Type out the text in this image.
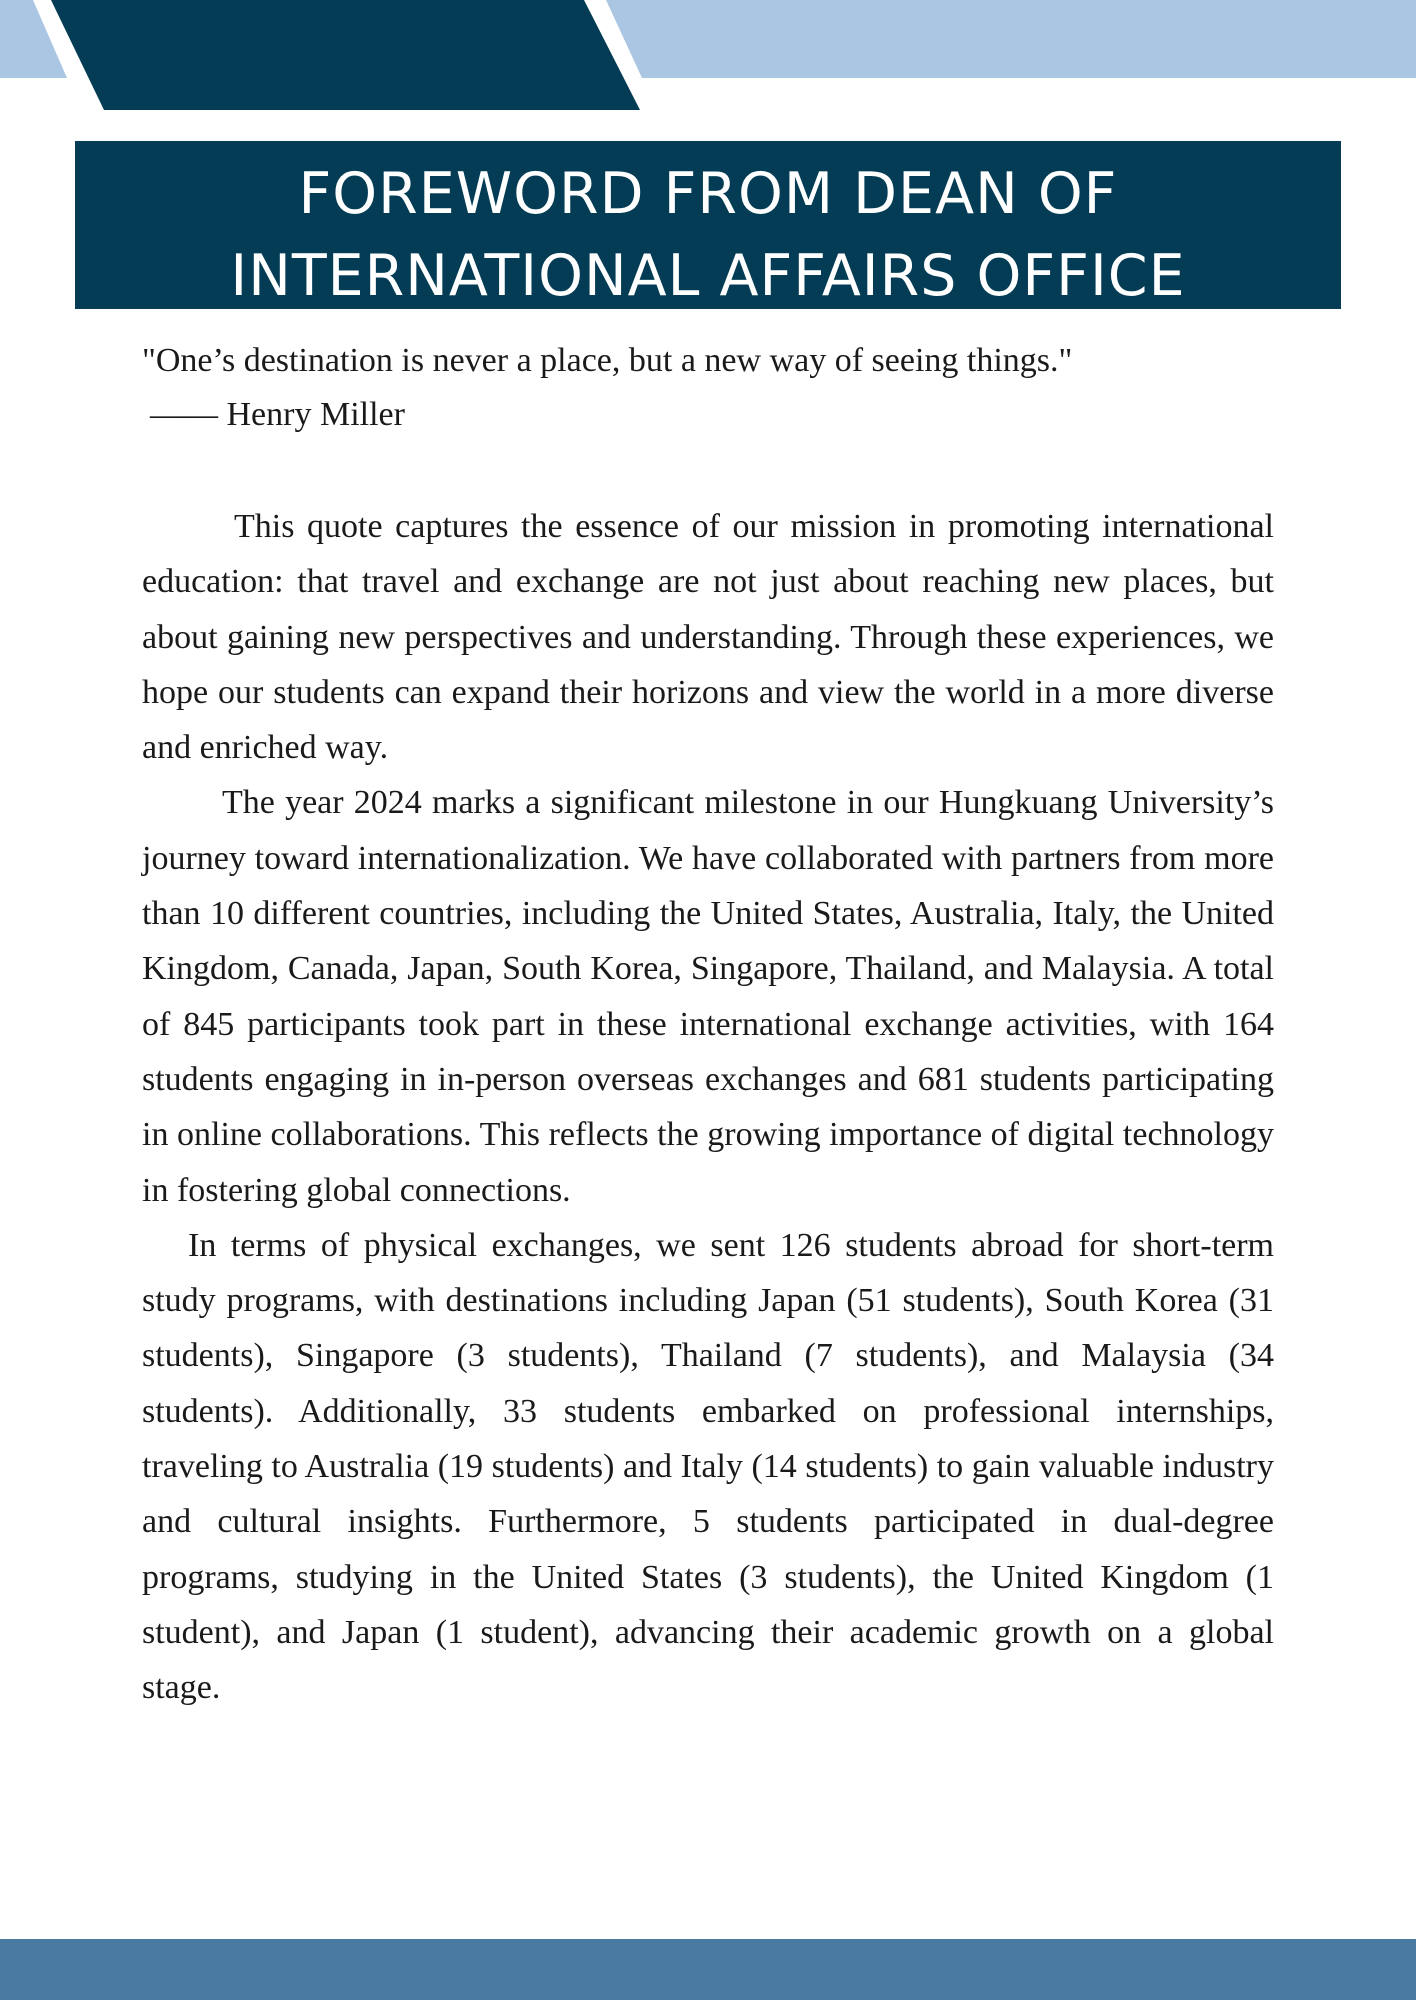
FOREWORD FROM DEAN OF
INTERNATIONAL AFFAIRS OFFICE

"One’s destination is never a place, but a new way of seeing things."

—— Henry Miller

This quote captures the essence of our mission in promoting international education: that travel and exchange are not just about reaching new places, but about gaining new perspectives and understanding. Through these experiences, we hope our students can expand their horizons and view the world in a more diverse and enriched way.

The year 2024 marks a significant milestone in our Hungkuang University’s journey toward internationalization. We have collaborated with partners from more than 10 different countries, including the United States, Australia, Italy, the United Kingdom, Canada, Japan, South Korea, Singapore, Thailand, and Malaysia. A total of 845 participants took part in these international exchange activities, with 164 students engaging in in-person overseas exchanges and 681 students participating in online collaborations. This reflects the growing importance of digital technology in fostering global connections.

In terms of physical exchanges, we sent 126 students abroad for short-term study programs, with destinations including Japan (51 students), South Korea (31 students), Singapore (3 students), Thailand (7 students), and Malaysia (34 students). Additionally, 33 students embarked on professional internships, traveling to Australia (19 students) and Italy (14 students) to gain valuable industry and cultural insights. Furthermore, 5 students participated in dual-degree programs, studying in the United States (3 students), the United Kingdom (1 student), and Japan (1 student), advancing their academic growth on a global stage.
